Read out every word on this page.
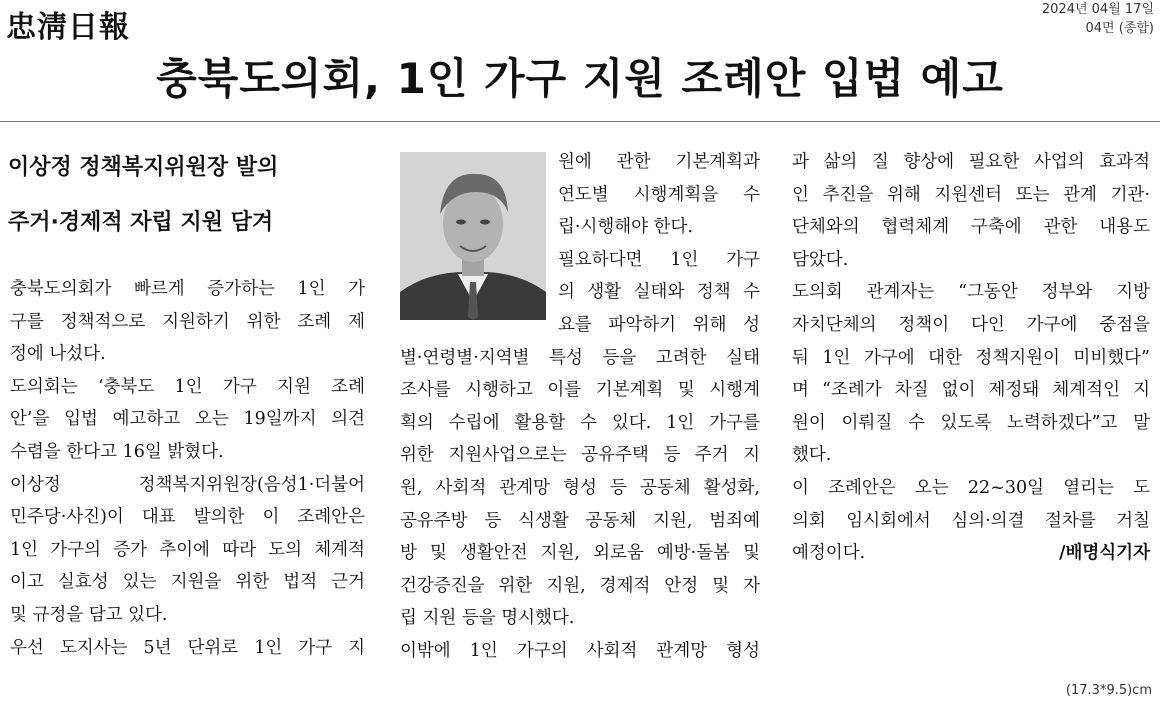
忠淸日報
2024년 04월 17일
04면 (종합)
충북도의회, 1인 가구 지원 조례안 입법 예고
이상정 정책복지위원장 발의
주거·경제적 자립 지원 담겨

충북도의회가 빠르게 증가하는 1인 가

구를 정책적으로 지원하기 위한 조례 제

정에 나섰다.

도의회는 ‘충북도 1인 가구 지원 조례

안’을 입법 예고하고 오는 19일까지 의견

수렴을 한다고 16일 밝혔다.

이상정 정책복지위원장(음성1·더불어

민주당·사진)이 대표 발의한 이 조례안은

1인 가구의 증가 추이에 따라 도의 체계적

이고 실효성 있는 지원을 위한 법적 근거

및 규정을 담고 있다.

우선 도지사는 5년 단위로 1인 가구 지

원에 관한 기본계획과

연도별 시행계획을 수

립·시행해야 한다.

필요하다면 1인 가구

의 생활 실태와 정책 수

요를 파악하기 위해 성

별·연령별·지역별 특성 등을 고려한 실태

조사를 시행하고 이를 기본계획 및 시행계

획의 수립에 활용할 수 있다. 1인 가구를

위한 지원사업으로는 공유주택 등 주거 지

원, 사회적 관계망 형성 등 공동체 활성화,

공유주방 등 식생활 공동체 지원, 범죄예

방 및 생활안전 지원, 외로움 예방·돌봄 및

건강증진을 위한 지원, 경제적 안정 및 자

립 지원 등을 명시했다.

이밖에 1인 가구의 사회적 관계망 형성

과 삶의 질 향상에 필요한 사업의 효과적

인 추진을 위해 지원센터 또는 관계 기관·

단체와의 협력체계 구축에 관한 내용도

담았다.

도의회 관계자는 “그동안 정부와 지방

자치단체의 정책이 다인 가구에 중점을

둬 1인 가구에 대한 정책지원이 미비했다”

며 “조례가 차질 없이 제정돼 체계적인 지

원이 이뤄질 수 있도록 노력하겠다”고 말

했다.

이 조례안은 오는 22~30일 열리는 도

의회 임시회에서 심의·의결 절차를 거칠

예정이다.	/배명식기자
(17.3*9.5)cm
